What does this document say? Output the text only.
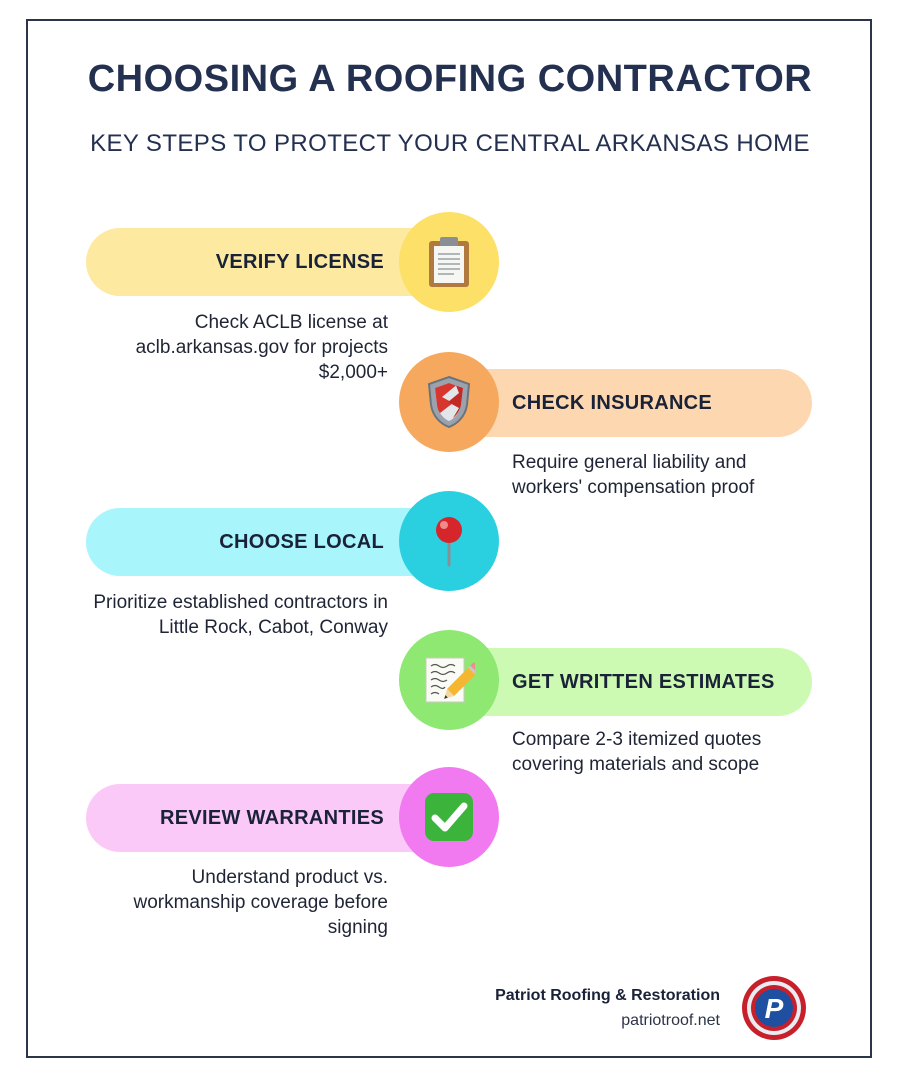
CHOOSING A ROOFING CONTRACTOR
KEY STEPS TO PROTECT YOUR CENTRAL ARKANSAS HOME
VERIFY LICENSE
Check ACLB license at aclb.arkansas.gov for projects $2,000+
CHECK INSURANCE
Require general liability and workers' compensation proof
CHOOSE LOCAL
Prioritize established contractors in Little Rock, Cabot, Conway
GET WRITTEN ESTIMATES
Compare 2-3 itemized quotes covering materials and scope
REVIEW WARRANTIES
Understand product vs. workmanship coverage before signing
Patriot Roofing & Restoration
patriotroof.net P
